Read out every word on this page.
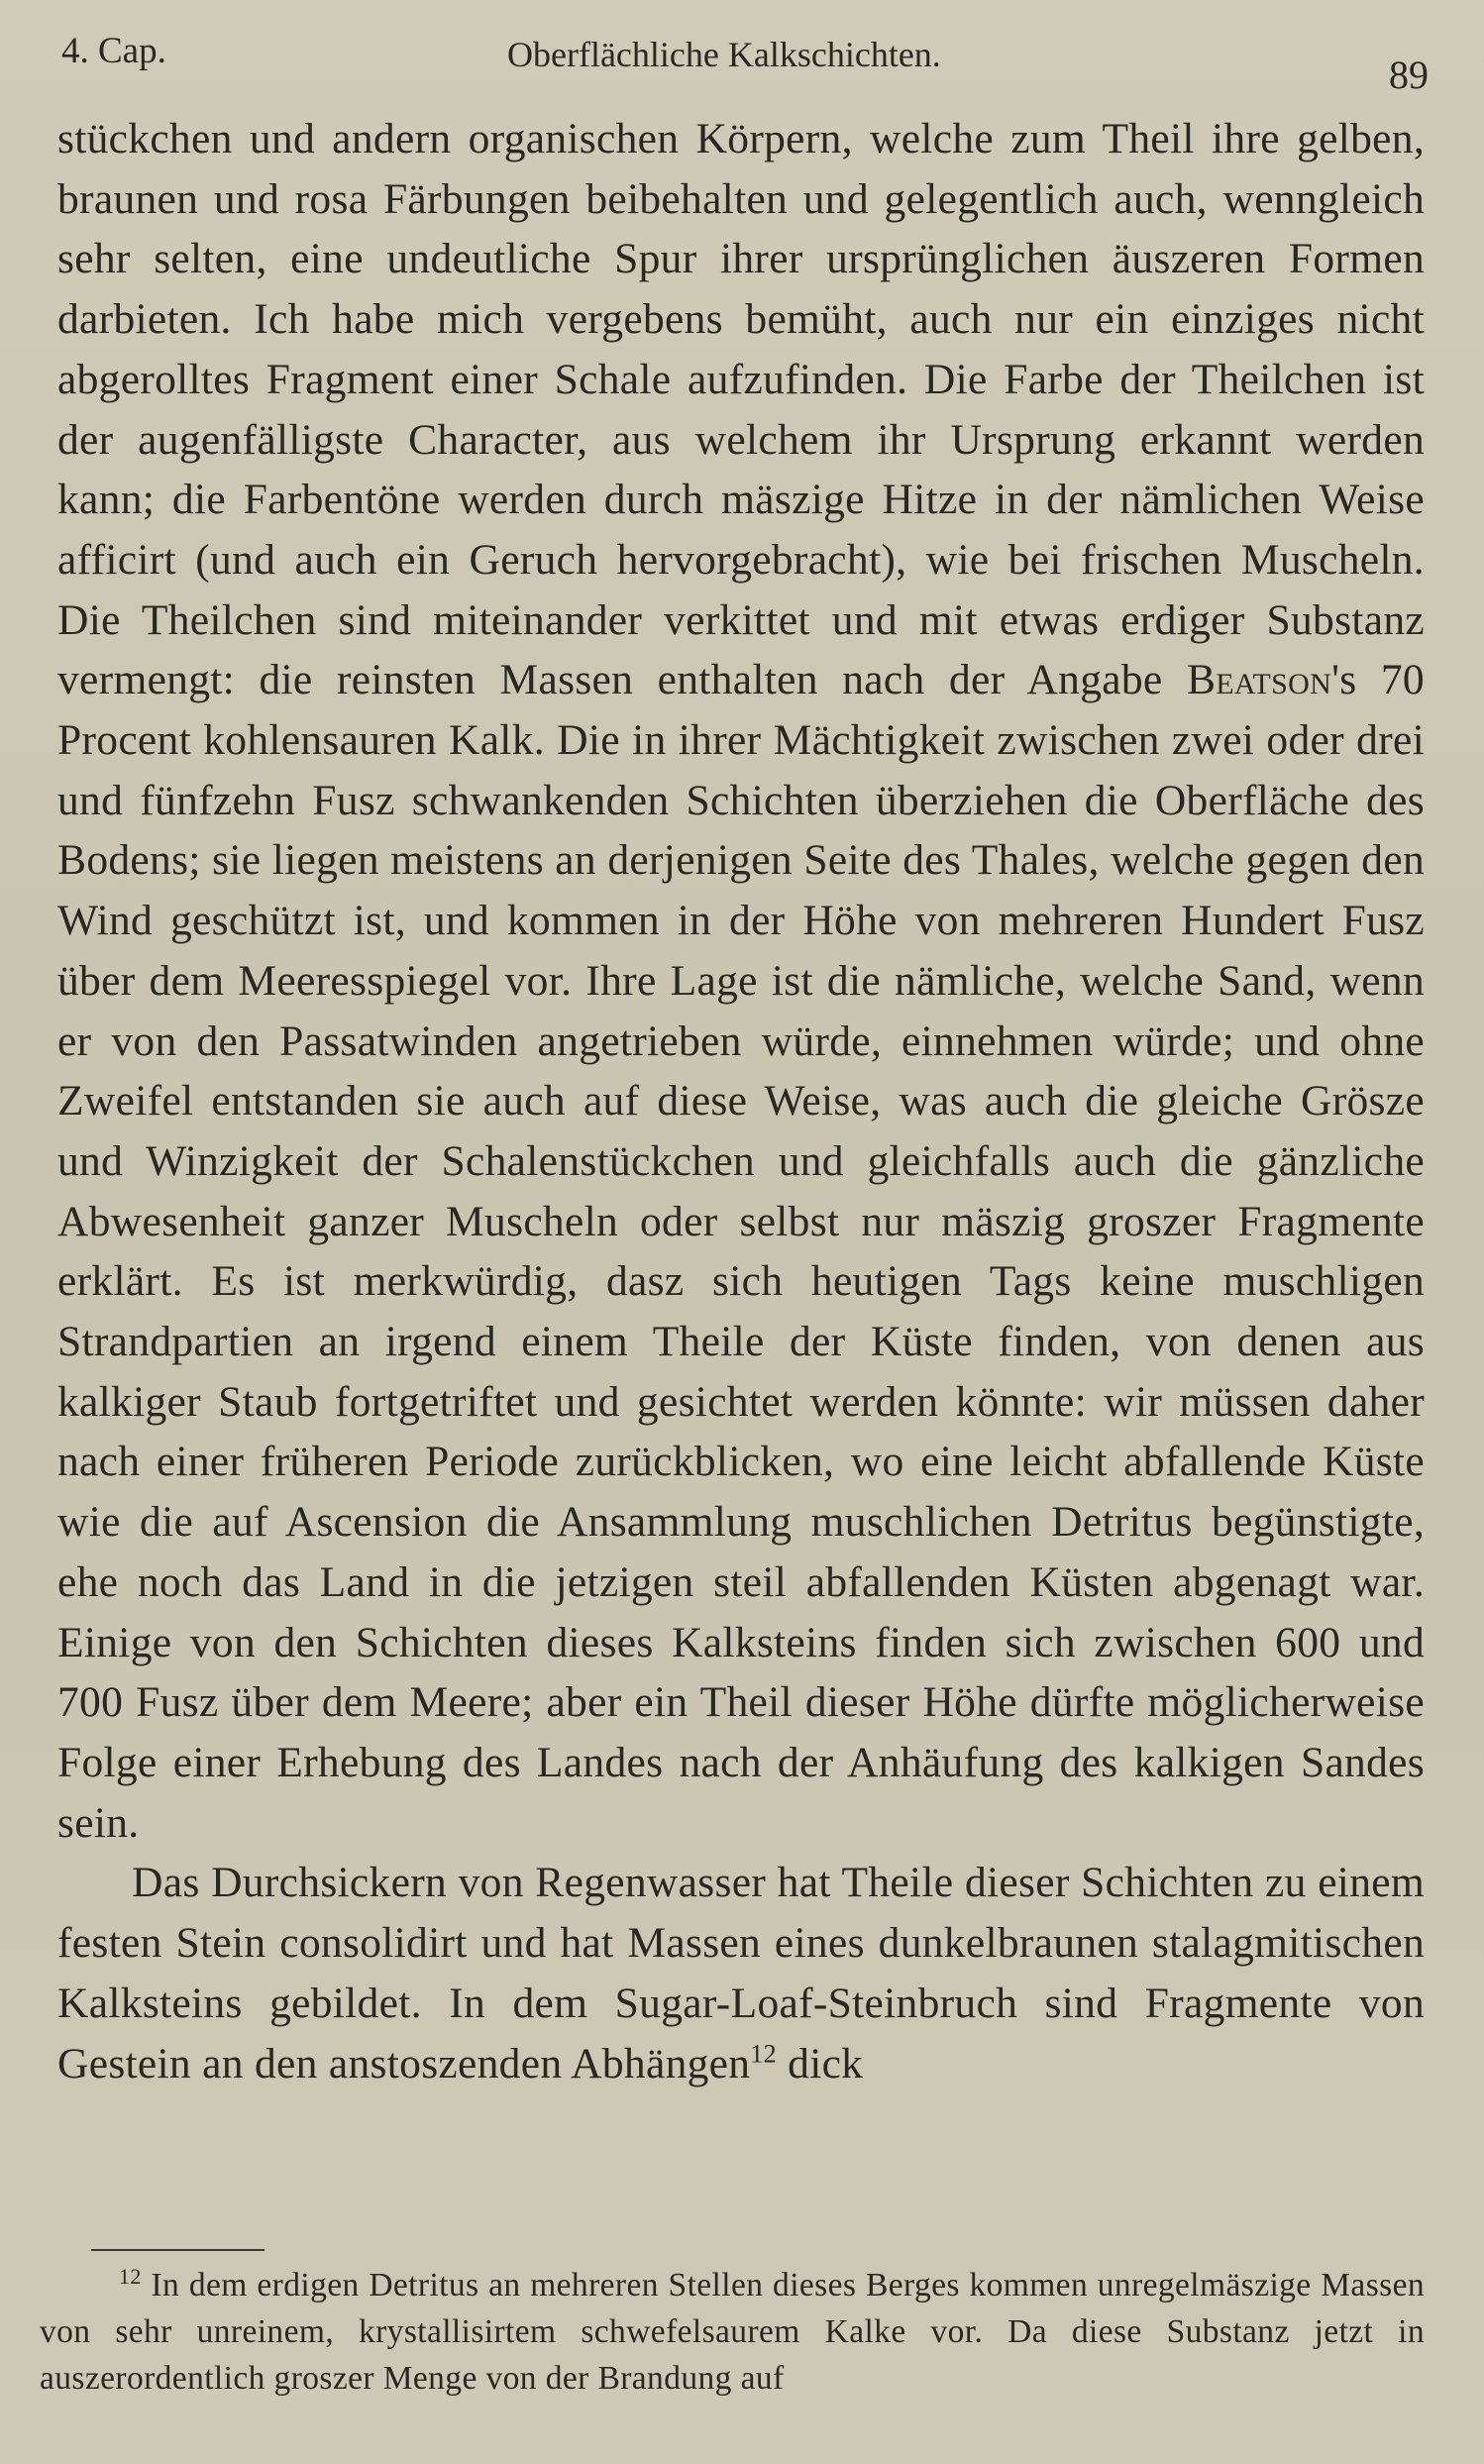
4. Cap.	Oberflächliche Kalkschichten.	89

stückchen und andern organischen Körpern, welche zum Theil ihre gelben, braunen und rosa Färbungen beibehalten und gelegentlich auch, wenngleich sehr selten, eine undeutliche Spur ihrer ursprünglichen äuszeren Formen darbieten. Ich habe mich vergebens bemüht, auch nur ein einziges nicht abgerolltes Fragment einer Schale aufzufinden. Die Farbe der Theilchen ist der augenfälligste Character, aus welchem ihr Ursprung erkannt werden kann; die Farbentöne werden durch mäszige Hitze in der nämlichen Weise afficirt (und auch ein Geruch hervorgebracht), wie bei frischen Muscheln. Die Theilchen sind miteinander verkittet und mit etwas erdiger Substanz vermengt: die reinsten Massen enthalten nach der Angabe Beatson's 70 Procent kohlensauren Kalk. Die in ihrer Mächtigkeit zwischen zwei oder drei und fünfzehn Fusz schwankenden Schichten überziehen die Oberfläche des Bodens; sie liegen meistens an derjenigen Seite des Thales, welche gegen den Wind geschützt ist, und kommen in der Höhe von mehreren Hundert Fusz über dem Meeresspiegel vor. Ihre Lage ist die nämliche, welche Sand, wenn er von den Passatwinden angetrieben würde, einnehmen würde; und ohne Zweifel entstanden sie auch auf diese Weise, was auch die gleiche Grösze und Winzigkeit der Schalenstückchen und gleichfalls auch die gänzliche Abwesenheit ganzer Muscheln oder selbst nur mäszig groszer Fragmente erklärt. Es ist merkwürdig, dasz sich heutigen Tags keine muschligen Strandpartien an irgend einem Theile der Küste finden, von denen aus kalkiger Staub fortgetriftet und gesichtet werden könnte: wir müssen daher nach einer früheren Periode zurückblicken, wo eine leicht abfallende Küste wie die auf Ascension die Ansammlung muschlichen Detritus begünstigte, ehe noch das Land in die jetzigen steil abfallenden Küsten abgenagt war. Einige von den Schichten dieses Kalksteins finden sich zwischen 600 und 700 Fusz über dem Meere; aber ein Theil dieser Höhe dürfte möglicherweise Folge einer Erhebung des Landes nach der Anhäufung des kalkigen Sandes sein.

Das Durchsickern von Regenwasser hat Theile dieser Schichten zu einem festen Stein consolidirt und hat Massen eines dunkelbraunen stalagmitischen Kalksteins gebildet. In dem Sugar-Loaf-Steinbruch sind Fragmente von Gestein an den anstoszenden Abhängen$^{12}$ dick

$^{12}$ In dem erdigen Detritus an mehreren Stellen dieses Berges kommen unregelmäszige Massen von sehr unreinem, krystallisirtem schwefelsaurem Kalke vor. Da diese Substanz jetzt in auszerordentlich groszer Menge von der Brandung auf
